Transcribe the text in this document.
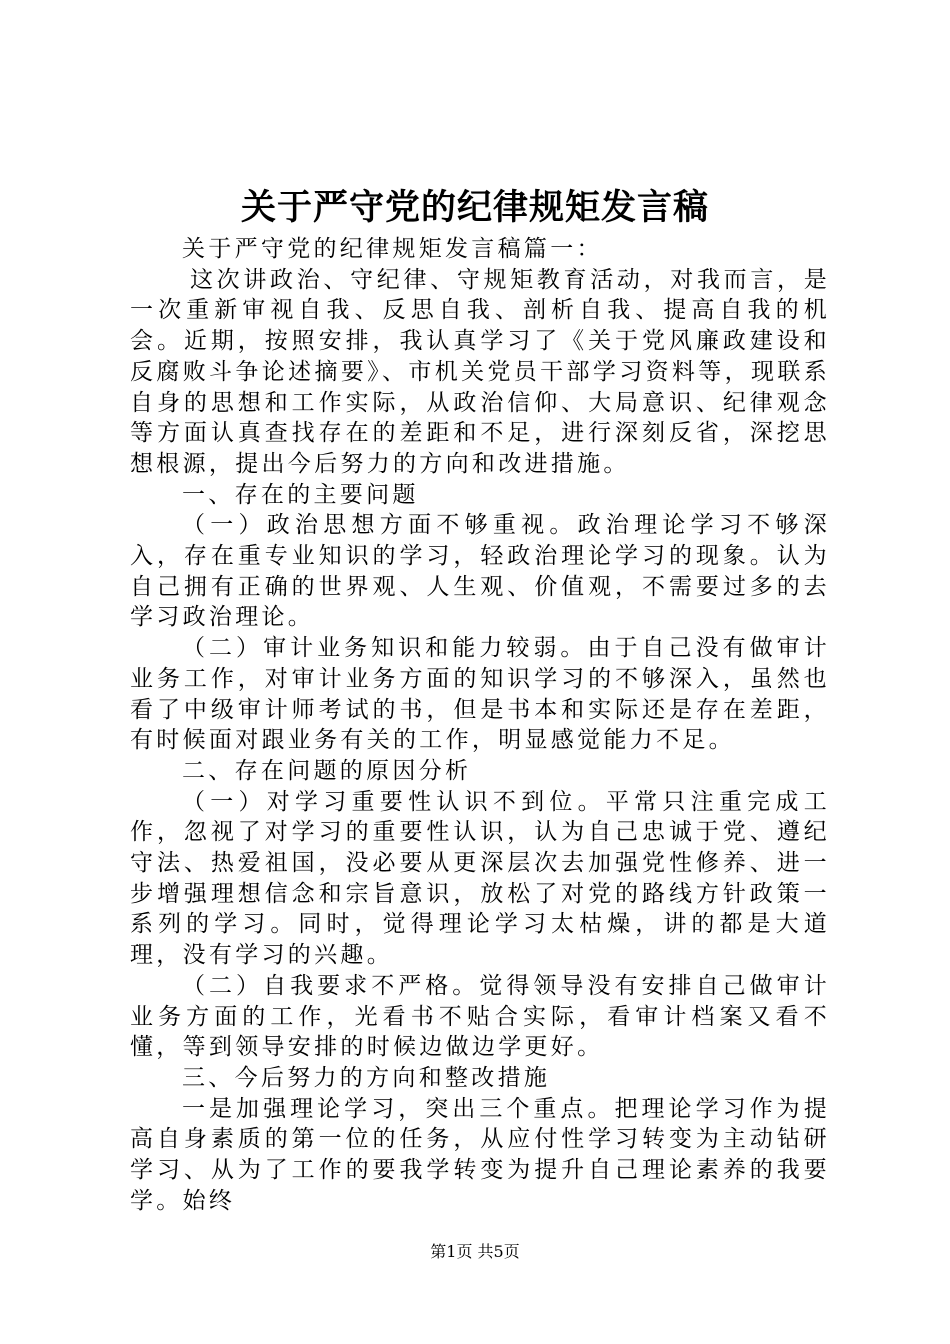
关于严守党的纪律规矩发言稿

关于严守党的纪律规矩发言稿篇一：

这次讲政治、守纪律、守规矩教育活动，对我而言，是一次重新审视自我、反思自我、剖析自我、提高自我的机会。近期，按照安排，我认真学习了《关于党风廉政建设和反腐败斗争论述摘要》、市机关党员干部学习资料等，现联系自身的思想和工作实际，从政治信仰、大局意识、纪律观念等方面认真查找存在的差距和不足，进行深刻反省，深挖思想根源，提出今后努力的方向和改进措施。

一、存在的主要问题

（一）政治思想方面不够重视。政治理论学习不够深入，存在重专业知识的学习，轻政治理论学习的现象。认为自己拥有正确的世界观、人生观、价值观，不需要过多的去学习政治理论。

（二）审计业务知识和能力较弱。由于自己没有做审计业务工作，对审计业务方面的知识学习的不够深入，虽然也看了中级审计师考试的书，但是书本和实际还是存在差距，有时候面对跟业务有关的工作，明显感觉能力不足。

二、存在问题的原因分析

（一）对学习重要性认识不到位。平常只注重完成工作，忽视了对学习的重要性认识，认为自己忠诚于党、遵纪守法、热爱祖国，没必要从更深层次去加强党性修养、进一步增强理想信念和宗旨意识，放松了对党的路线方针政策一系列的学习。同时，觉得理论学习太枯燥，讲的都是大道理，没有学习的兴趣。

（二）自我要求不严格。觉得领导没有安排自己做审计业务方面的工作，光看书不贴合实际，看审计档案又看不懂，等到领导安排的时候边做边学更好。

三、今后努力的方向和整改措施

一是加强理论学习，突出三个重点。把理论学习作为提高自身素质的第一位的任务，从应付性学习转变为主动钻研学习、从为了工作的要我学转变为提升自己理论素养的我要学。始终

第1页 共5页
